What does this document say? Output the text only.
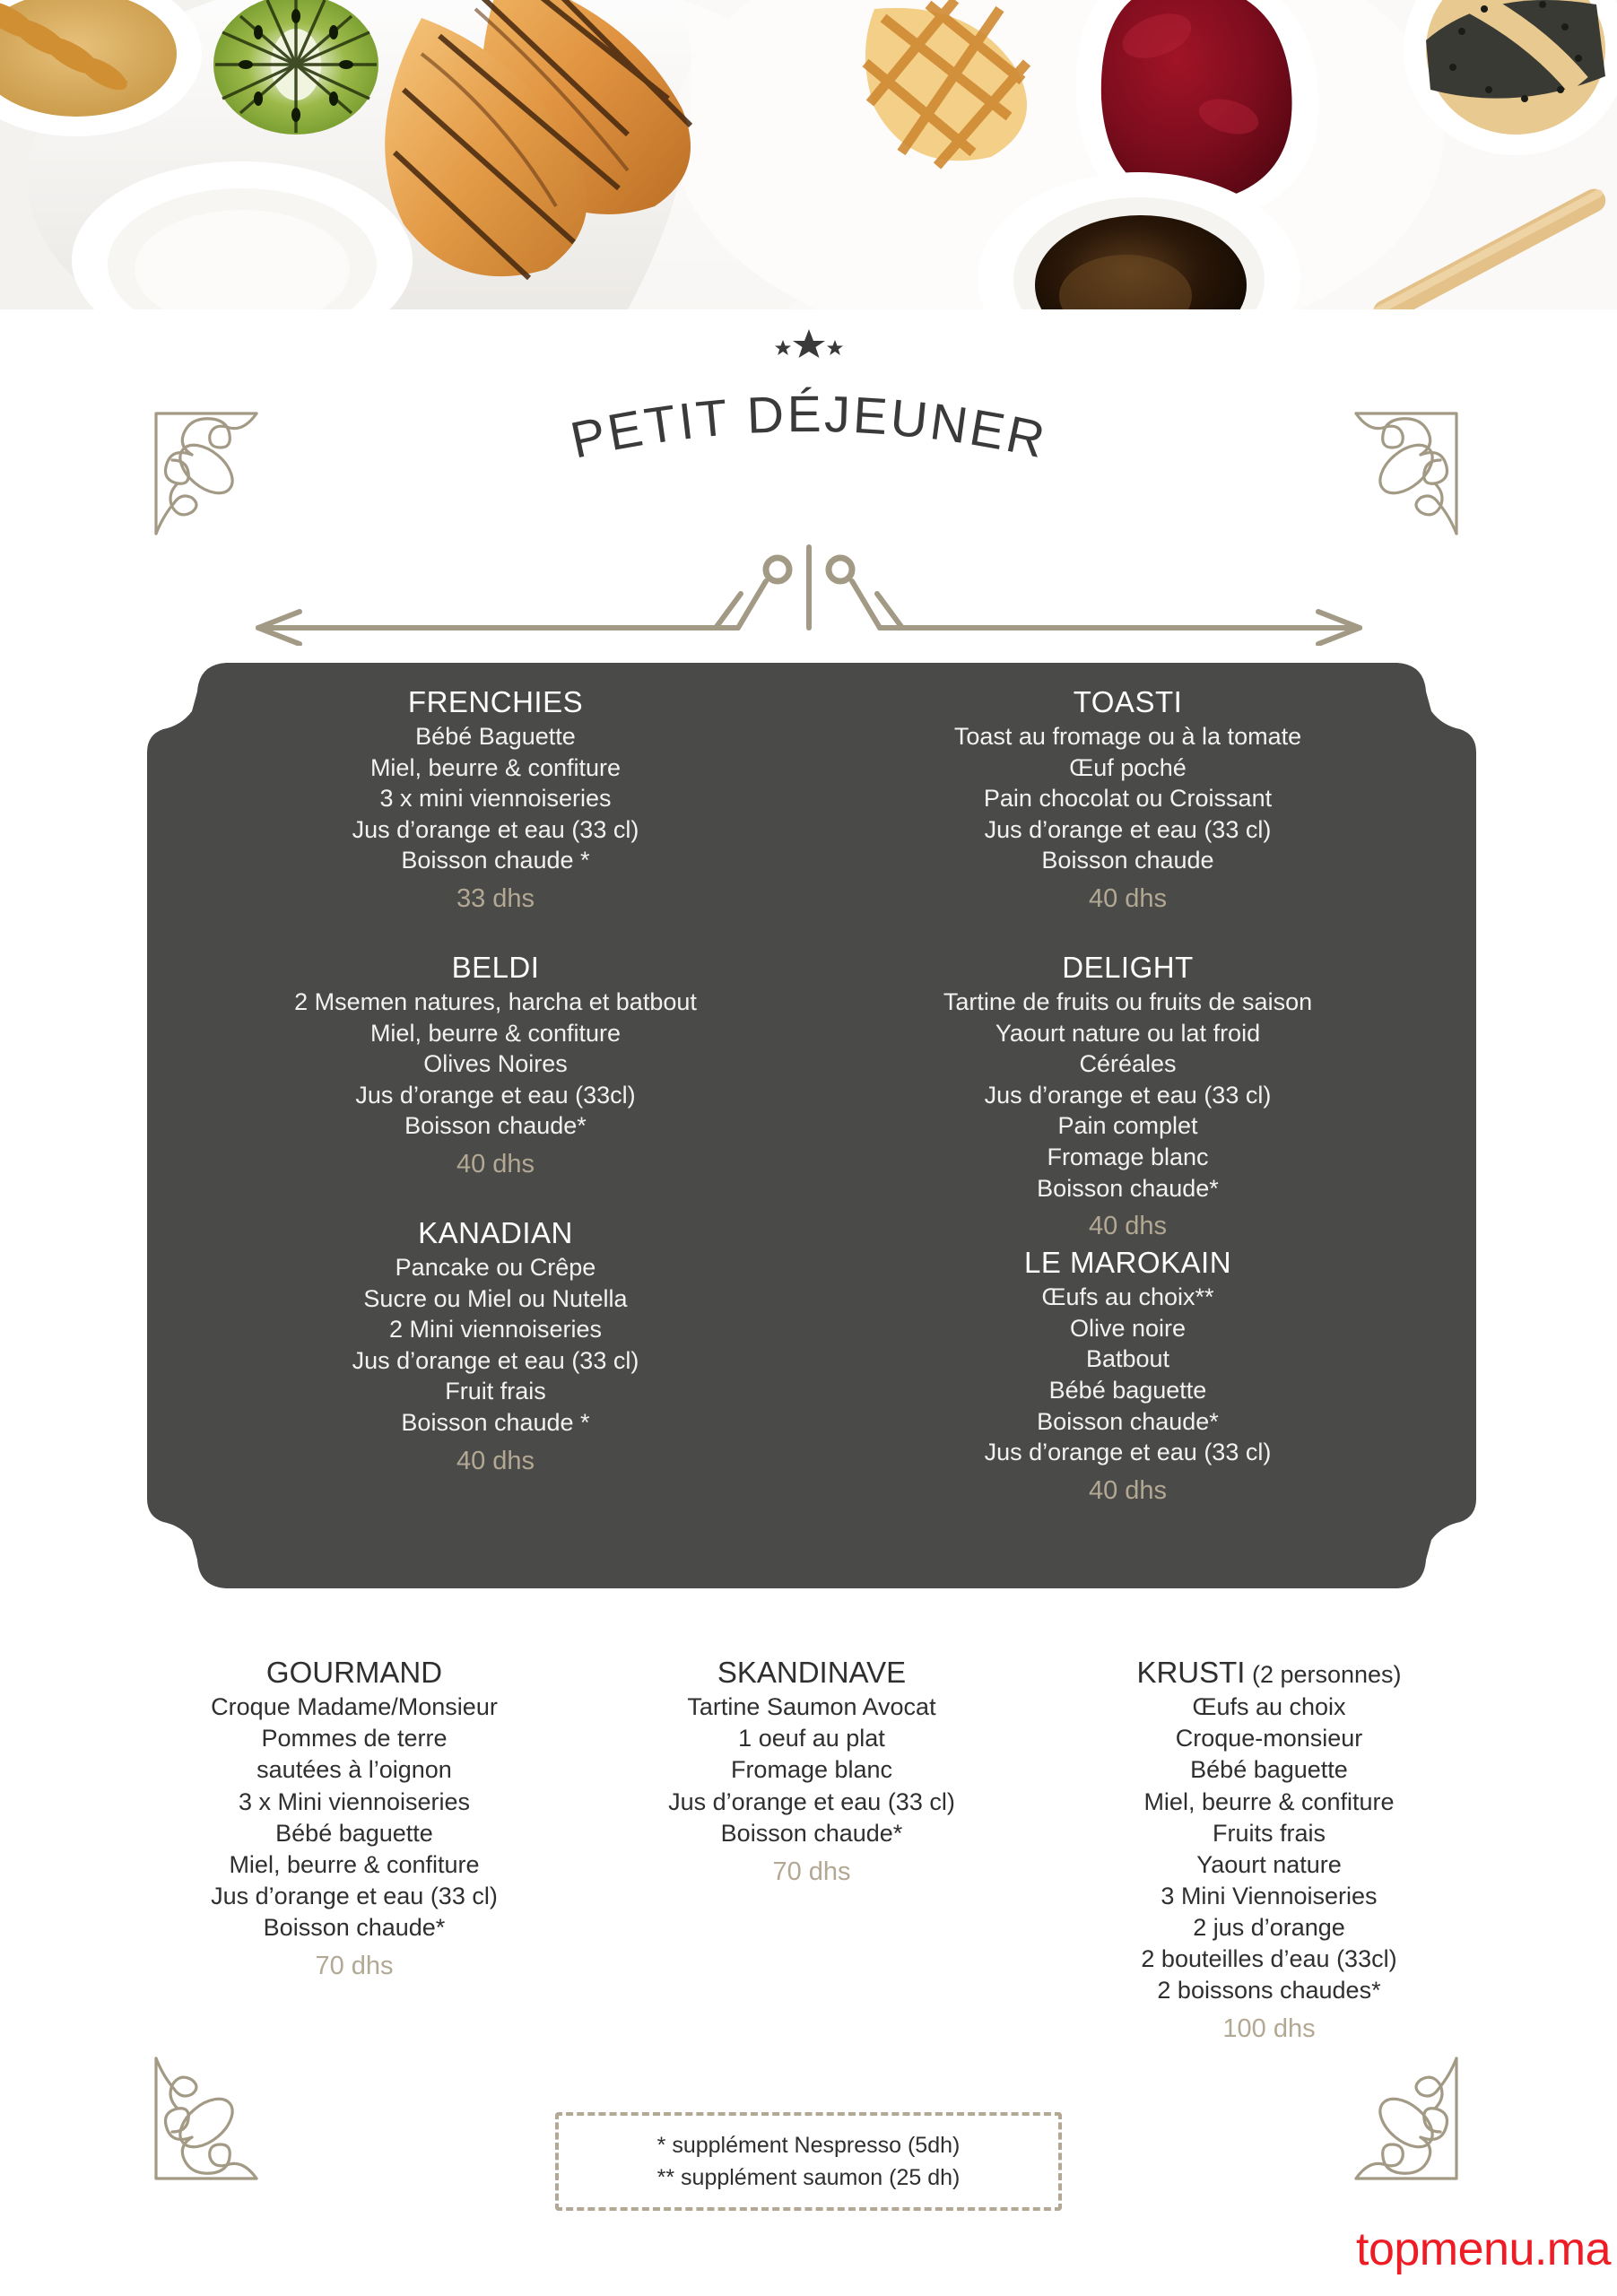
PETIT DÉJEUNER
FRENCHIES
Bébé Baguette
Miel, beurre & confiture
3 x mini viennoiseries
Jus d’orange et eau (33 cl)
Boisson chaude *
33 dhs
BELDI
2 Msemen natures, harcha et batbout
Miel, beurre & confiture
Olives Noires
Jus d’orange et eau (33cl)
Boisson chaude*
40 dhs
KANADIAN
Pancake ou Crêpe
Sucre ou Miel ou Nutella
2 Mini viennoiseries
Jus d’orange et eau (33 cl)
Fruit frais
Boisson chaude *
40 dhs
TOASTI
Toast au fromage ou à la tomate
Œuf poché
Pain chocolat ou Croissant
Jus d’orange et eau (33 cl)
Boisson chaude
40 dhs
DELIGHT
Tartine de fruits ou fruits de saison
Yaourt nature ou lat froid
Céréales
Jus d’orange et eau (33 cl)
Pain complet
Fromage blanc
Boisson chaude*
40 dhs
LE MAROKAIN
Œufs au choix**
Olive noire
Batbout
Bébé baguette
Boisson chaude*
Jus d’orange et eau (33 cl)
40 dhs
GOURMAND
Croque Madame/Monsieur
Pommes de terre
sautées à l’oignon
3 x Mini viennoiseries
Bébé baguette
Miel, beurre & confiture
Jus d’orange et eau (33 cl)
Boisson chaude*
70 dhs
SKANDINAVE
Tartine Saumon Avocat
1 oeuf au plat
Fromage blanc
Jus d’orange et eau (33 cl)
Boisson chaude*
70 dhs
KRUSTI (2 personnes)
Œufs au choix
Croque-monsieur
Bébé baguette
Miel, beurre & confiture
Fruits frais
Yaourt nature
3 Mini Viennoiseries
2 jus d’orange
2 bouteilles d’eau (33cl)
2 boissons chaudes*
100 dhs
* supplément Nespresso (5dh)
** supplément saumon (25 dh)
topmenu.ma
